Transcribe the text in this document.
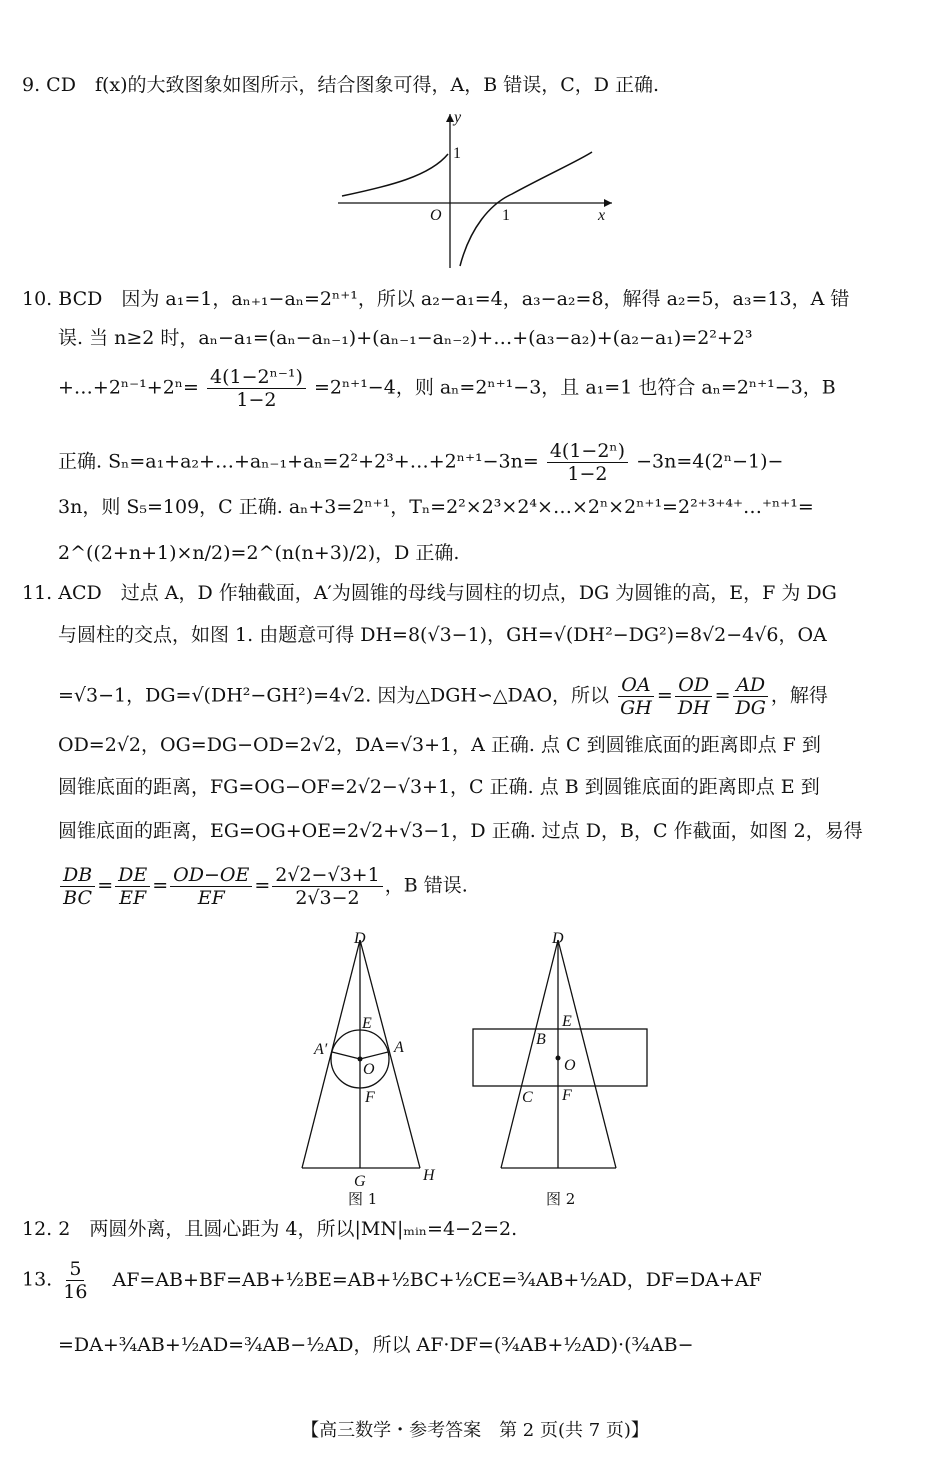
9. CD　f(x)的大致图象如图所示，结合图象可得，A，B 错误，C，D 正确.
y
x
1
O	1
10. BCD　因为 a₁=1，aₙ₊₁−aₙ=2ⁿ⁺¹，所以 a₂−a₁=4，a₃−a₂=8，解得 a₂=5，a₃=13，A 错
误. 当 n≥2 时，aₙ−a₁=(aₙ−aₙ₋₁)+(aₙ₋₁−aₙ₋₂)+…+(a₃−a₂)+(a₂−a₁)=2²+2³
+…+2ⁿ⁻¹+2ⁿ= $\frac{\text{4(1−2ⁿ⁻¹)}}{1-2} =2^{n+1}-4$，则 aₙ=2ⁿ⁺¹−3，且 a₁=1 也符合 aₙ=2ⁿ⁺¹−3，B
正确. Sₙ=a₁+a₂+…+aₙ₋₁+aₙ=2²+2³+…+2ⁿ⁺¹−3n= $\frac{\text{4(1−2ⁿ)}}{1-2} -3n=4(2^n-1)-$
3n，则 S₅=109，C 正确. aₙ+3=2ⁿ⁺¹，Tₙ=2²×2³×2⁴×…×2ⁿ×2ⁿ⁺¹=2²⁺³⁺⁴⁺…⁺ⁿ⁺¹=
2^((2+n+1)×n/2)=2^(n(n+3)/2)，D 正确.
11. ACD　过点 A，D 作轴截面，A′为圆锥的母线与圆柱的切点，DG 为圆锥的高，E，F 为 DG
与圆柱的交点，如图 1. 由题意可得 DH=8(√3−1)，GH=√(DH²−DG²)=8√2−4√6，OA
=√3−1，DG=√(DH²−GH²)=4√2. 因为△DGH∽△DAO，所以 $\frac{OA}{GH} = \frac{OD}{DH} = \frac{AD}{DG}$ ，解得
OD=2√2，OG=DG−OD=2√2，DA=√3+1，A 正确. 点 C 到圆锥底面的距离即点 F 到
圆锥底面的距离，FG=OG−OF=2√2−√3+1，C 正确. 点 B 到圆锥底面的距离即点 E 到
圆锥底面的距离，EG=OG+OE=2√2+√3−1，D 正确. 过点 D，B，C 作截面，如图 2，易得
$\frac{DB}{BC} = \frac{DE}{EF} = \frac{OD-OE}{EF} = \frac{2√2-√3+1}{2√3-2}$ ，B 错误.
D
E
A′	A
O
F
G	H
图 1
D
E
B
O
C F
图 2
12. 2　两圆外离，且圆心距为 4，所以|MN|ₘᵢₙ=4−2=2.
13. $\frac{5}{16}$ AF=AB+BF=AB+½BE=AB+½BC+½CE=¾AB+½AD，DF=DA+AF
=DA+¾AB+½AD=¾AB−½AD，所以 AF·DF=(¾AB+½AD)·(¾AB−
【高三数学・参考答案　第 2 页(共 7 页)】
